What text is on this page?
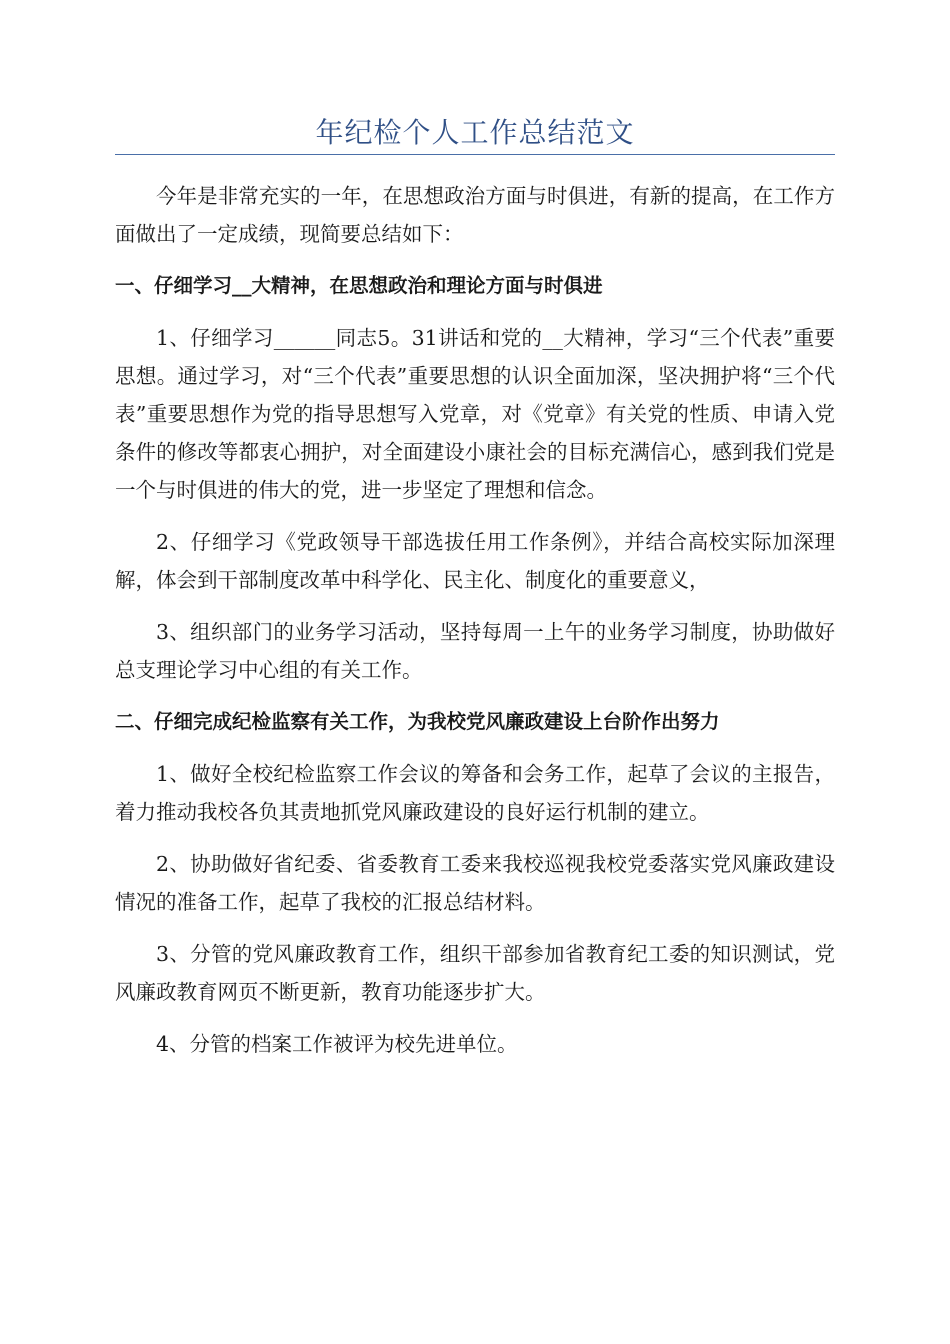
年纪检个人工作总结范文

今年是非常充实的一年，在思想政治方面与时俱进，有新的提高，在工作方面做出了一定成绩，现简要总结如下：

一、仔细学习__大精神，在思想政治和理论方面与时俱进

1、仔细学习______同志5。31讲话和党的__大精神，学习“三个代表”重要思想。通过学习，对“三个代表”重要思想的认识全面加深，坚决拥护将“三个代表”重要思想作为党的指导思想写入党章，对《党章》有关党的性质、申请入党条件的修改等都衷心拥护，对全面建设小康社会的目标充满信心，感到我们党是一个与时俱进的伟大的党，进一步坚定了理想和信念。

2、仔细学习《党政领导干部选拔任用工作条例》，并结合高校实际加深理解，体会到干部制度改革中科学化、民主化、制度化的重要意义，

3、组织部门的业务学习活动，坚持每周一上午的业务学习制度，协助做好总支理论学习中心组的有关工作。

二、仔细完成纪检监察有关工作，为我校党风廉政建设上台阶作出努力

1、做好全校纪检监察工作会议的筹备和会务工作，起草了会议的主报告，着力推动我校各负其责地抓党风廉政建设的良好运行机制的建立。

2、协助做好省纪委、省委教育工委来我校巡视我校党委落实党风廉政建设情况的准备工作，起草了我校的汇报总结材料。

3、分管的党风廉政教育工作，组织干部参加省教育纪工委的知识测试，党风廉政教育网页不断更新，教育功能逐步扩大。

4、分管的档案工作被评为校先进单位。
